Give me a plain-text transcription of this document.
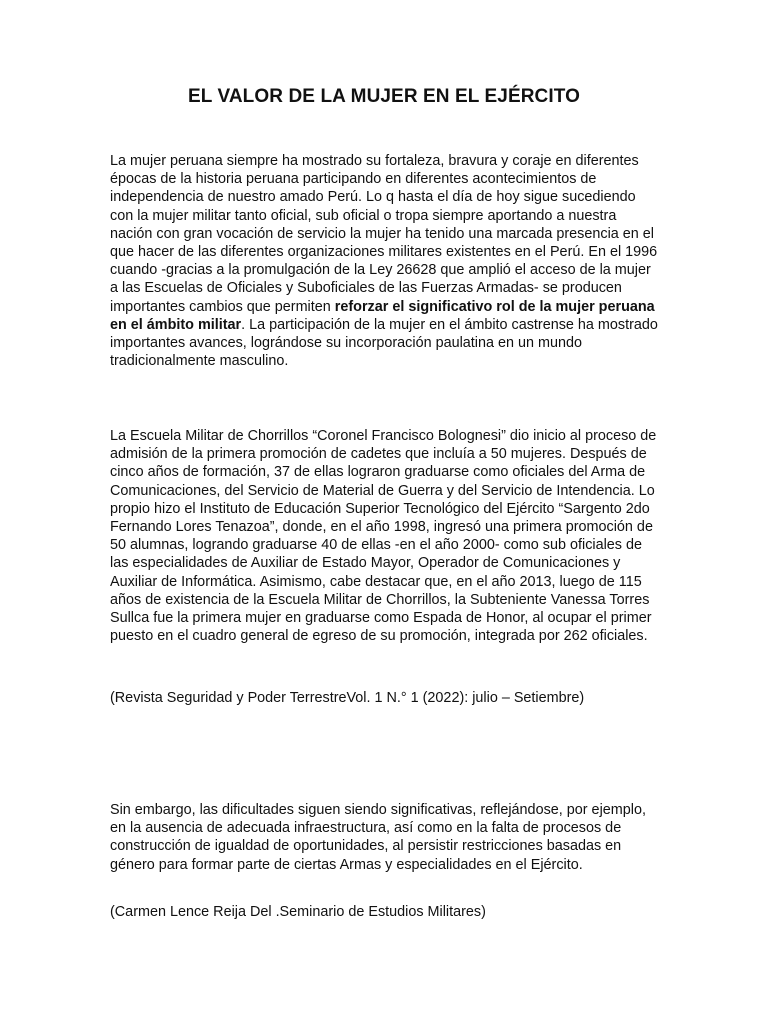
EL VALOR DE LA MUJER EN EL EJÉRCITO

La mujer peruana siempre ha mostrado su fortaleza, bravura y coraje en diferentes épocas de la historia peruana participando en diferentes acontecimientos de independencia de nuestro amado Perú. Lo q hasta el día de hoy sigue sucediendo con la mujer militar tanto oficial, sub oficial o tropa siempre aportando a nuestra nación con gran vocación de servicio la mujer ha tenido una marcada presencia en el que hacer de las diferentes organizaciones militares existentes en el Perú. En el 1996 cuando -gracias a la promulgación de la Ley 26628 que amplió el acceso de la mujer a las Escuelas de Oficiales y Suboficiales de las Fuerzas Armadas- se producen importantes cambios que permiten reforzar el significativo rol de la mujer peruana en el ámbito militar. La participación de la mujer en el ámbito castrense ha mostrado importantes avances, lográndose su incorporación paulatina en un mundo tradicionalmente masculino.

La Escuela Militar de Chorrillos “Coronel Francisco Bolognesi” dio inicio al proceso de admisión de la primera promoción de cadetes que incluía a 50 mujeres. Después de cinco años de formación, 37 de ellas lograron graduarse como oficiales del Arma de Comunicaciones, del Servicio de Material de Guerra y del Servicio de Intendencia. Lo propio hizo el Instituto de Educación Superior Tecnológico del Ejército “Sargento 2do Fernando Lores Tenazoa”, donde, en el año 1998, ingresó una primera promoción de 50 alumnas, logrando graduarse 40 de ellas -en el año 2000- como sub oficiales de las especialidades de Auxiliar de Estado Mayor, Operador de Comunicaciones y Auxiliar de Informática. Asimismo, cabe destacar que, en el año 2013, luego de 115 años de existencia de la Escuela Militar de Chorrillos, la Subteniente Vanessa Torres Sullca fue la primera mujer en graduarse como Espada de Honor, al ocupar el primer puesto en el cuadro general de egreso de su promoción, integrada por 262 oficiales.

(Revista Seguridad y Poder TerrestreVol. 1 N.° 1 (2022): julio – Setiembre)

Sin embargo, las dificultades siguen siendo significativas, reflejándose, por ejemplo, en la ausencia de adecuada infraestructura, así como en la falta de procesos de construcción de igualdad de oportunidades, al persistir restricciones basadas en género para formar parte de ciertas Armas y especialidades en el Ejército.

(Carmen Lence Reija Del .Seminario de Estudios Militares)
